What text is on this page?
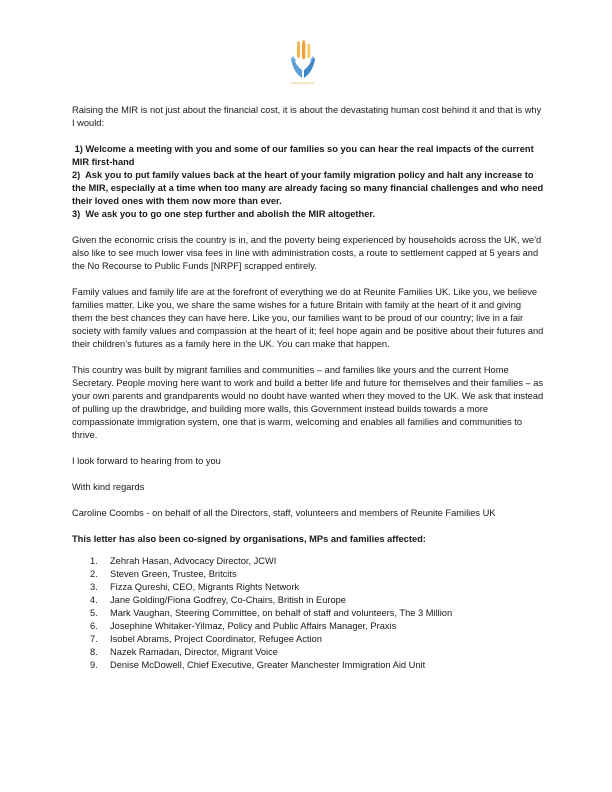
Reunite Families UK

Raising the MIR is not just about the financial cost, it is about the devastating human cost behind it and that is why I would:

1) Welcome a meeting with you and some of our families so you can hear the real impacts of the current MIR first-hand

2)  Ask you to put family values back at the heart of your family migration policy and halt any increase to the MIR, especially at a time when too many are already facing so many financial challenges and who need their loved ones with them now more than ever.

3)  We ask you to go one step further and abolish the MIR altogether.

Given the economic crisis the country is in, and the poverty being experienced by households across the UK, we’d also like to see much lower visa fees in line with administration costs, a route to settlement capped at 5 years and the No Recourse to Public Funds [NRPF] scrapped entirely.

Family values and family life are at the forefront of everything we do at Reunite Families UK. Like you, we believe families matter. Like you, we share the same wishes for a future Britain with family at the heart of it and giving them the best chances they can have here. Like you, our families want to be proud of our country; live in a fair society with family values and compassion at the heart of it; feel hope again and be positive about their futures and their children’s futures as a family here in the UK. You can make that happen.

This country was built by migrant families and communities – and families like yours and the current Home Secretary. People moving here want to work and build a better life and future for themselves and their families – as your own parents and grandparents would no doubt have wanted when they moved to the UK. We ask that instead of pulling up the drawbridge, and building more walls, this Government instead builds towards a more compassionate immigration system, one that is warm, welcoming and enables all families and communities to thrive.

I look forward to hearing from to you

With kind regards

Caroline Coombs - on behalf of all the Directors, staff, volunteers and members of Reunite Families UK

This letter has also been co-signed by organisations, MPs and families affected:

1.	Zehrah Hasan, Advocacy Director, JCWI
2.	Steven Green, Trustee, Britcits
3.	Fizza Qureshi, CEO, Migrants Rights Network
4.	Jane Golding/Fiona Godfrey, Co-Chairs, British in Europe
5.	Mark Vaughan, Steering Committee, on behalf of staff and volunteers, The 3 Million
6.	Josephine Whitaker-Yilmaz, Policy and Public Affairs Manager, Praxis
7.	Isobel Abrams, Project Coordinator, Refugee Action
8.	Nazek Ramadan, Director, Migrant Voice
9.	Denise McDowell, Chief Executive, Greater Manchester Immigration Aid Unit
